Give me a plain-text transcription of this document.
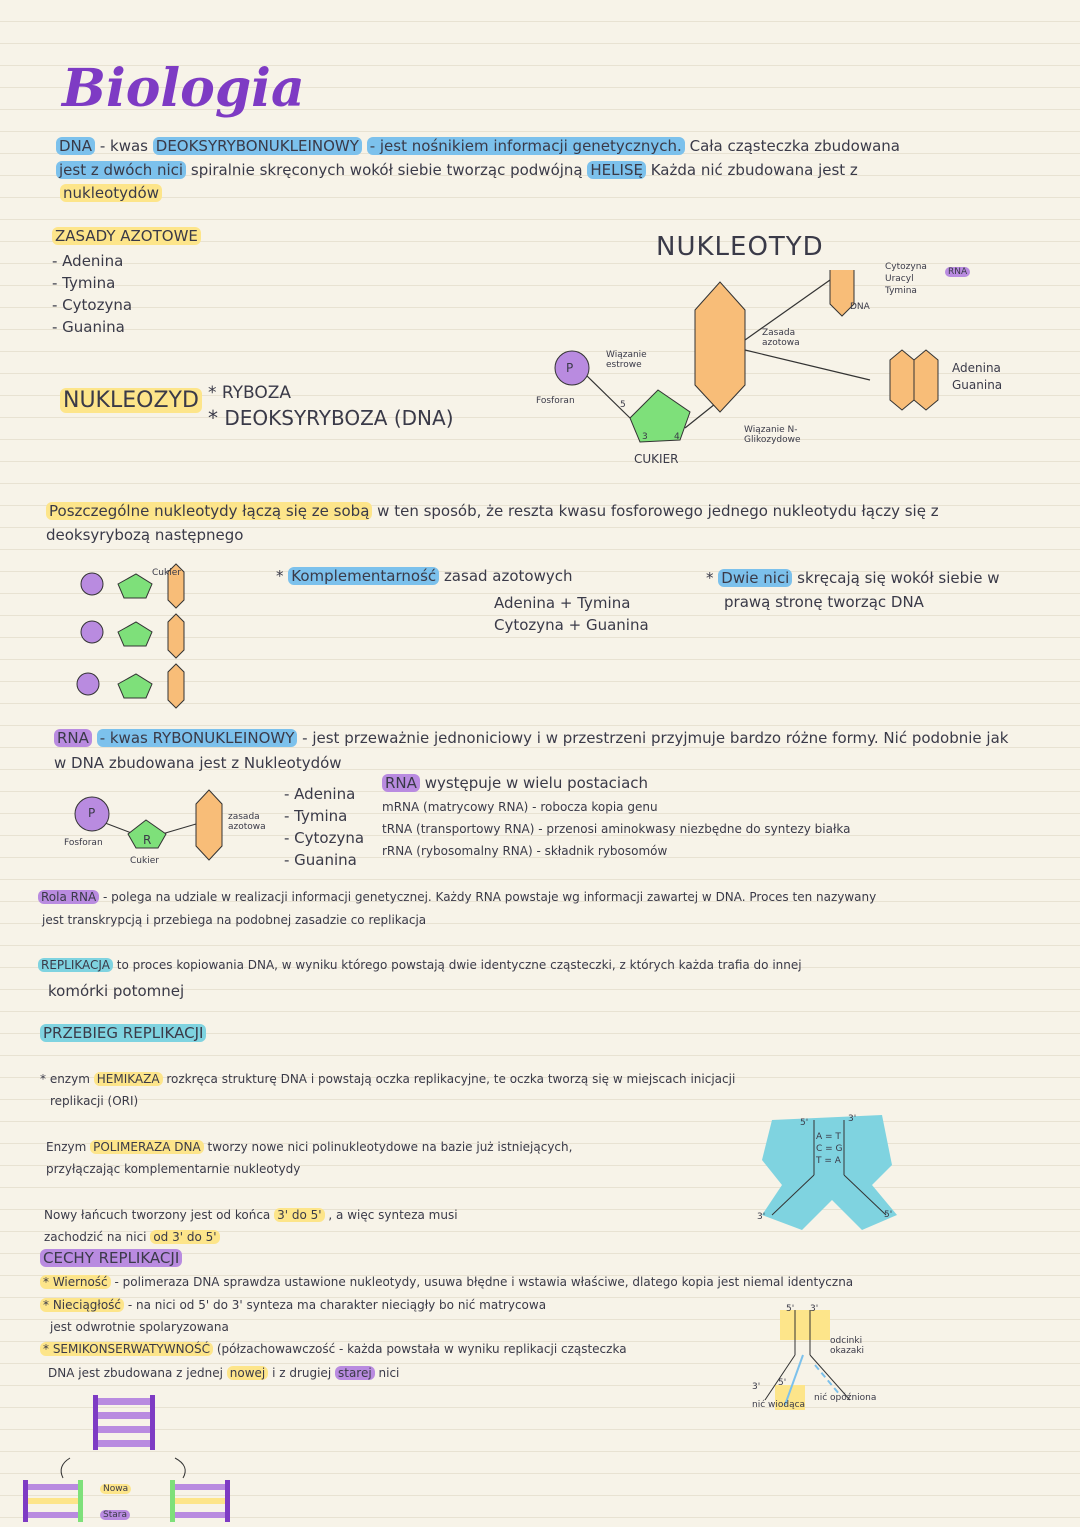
Biologia
DNA - kwas DEOKSYRYBONUKLEINOWY - jest nośnikiem informacji genetycznych. Cała cząsteczka zbudowana
jest z dwóch nici spiralnie skręconych wokół siebie tworząc podwójną HELISĘ Każda nić zbudowana jest z
nukleotydów
ZASADY AZOTOWE
- Adenina
- Tymina
- Cytozyna
- Guanina
NUKLEOZYD * RYBOZA
* DEOKSYRYBOZA (DNA)
NUKLEOTYD
P
Fosforan
Wiązanie estrowe
5
3	4
CUKIER
Zasada azotowa
Wiązanie N-Glikozydowe
Cytozyna
Uracyl
Tymina
RNA
DNA
Adenina
Guanina
Poszczególne nukleotydy łączą się ze sobą w ten sposób, że reszta kwasu fosforowego jednego nukleotydu łączy się z
deoksyrybozą następnego
Cukier	* Komplementarność zasad azotowych
Adenina + Tymina
Cytozyna + Guanina
* Dwie nici skręcają się wokół siebie w
prawą stronę tworząc DNA
RNA - kwas RYBONUKLEINOWY - jest przeważnie jednoniciowy i w przestrzeni przyjmuje bardzo różne formy. Nić podobnie jak
w DNA zbudowana jest z Nukleotydów
P
R
Fosforan
Cukier
zasada azotowa
- Adenina
- Tymina
- Cytozyna
- Guanina
RNA występuje w wielu postaciach
mRNA (matrycowy RNA) - robocza kopia genu
tRNA (transportowy RNA) - przenosi aminokwasy niezbędne do syntezy białka
rRNA (rybosomalny RNA) - składnik rybosomów
Rola RNA - polega na udziale w realizacji informacji genetycznej. Każdy RNA powstaje wg informacji zawartej w DNA. Proces ten nazywany
jest transkrypcją i przebiega na podobnej zasadzie co replikacja
REPLIKACJA to proces kopiowania DNA, w wyniku którego powstają dwie identyczne cząsteczki, z których każda trafia do innej
komórki potomnej
PRZEBIEG REPLIKACJI
* enzym HEMIKAZA rozkręca strukturę DNA i powstają oczka replikacyjne, te oczka tworzą się w miejscach inicjacji
replikacji (ORI)
Enzym POLIMERAZA DNA tworzy nowe nici polinukleotydowe na bazie już istniejących,
przyłączając komplementarnie nukleotydy
Nowy łańcuch tworzony jest od końca 3' do 5' , a więc synteza musi
zachodzić na nici od 3' do 5'
CECHY REPLIKACJI
* Wierność - polimeraza DNA sprawdza ustawione nukleotydy, usuwa błędne i wstawia właściwe, dlatego kopia jest niemal identyczna
* Nieciągłość - na nici od 5' do 3' synteza ma charakter nieciągły bo nić matrycowa
jest odwrotnie spolaryzowana
* SEMIKONSERWATYWNOŚĆ (półzachowawczość - każda powstała w wyniku replikacji cząsteczka
DNA jest zbudowana z jednej nowej i z drugiej starej nici
5'	3'
A = T
C = G
T = A
3'	5'
5' 3'
3' 5'
odcinki okazaki
nić wiodąca
nić opóźniona
Nowa
Stara
